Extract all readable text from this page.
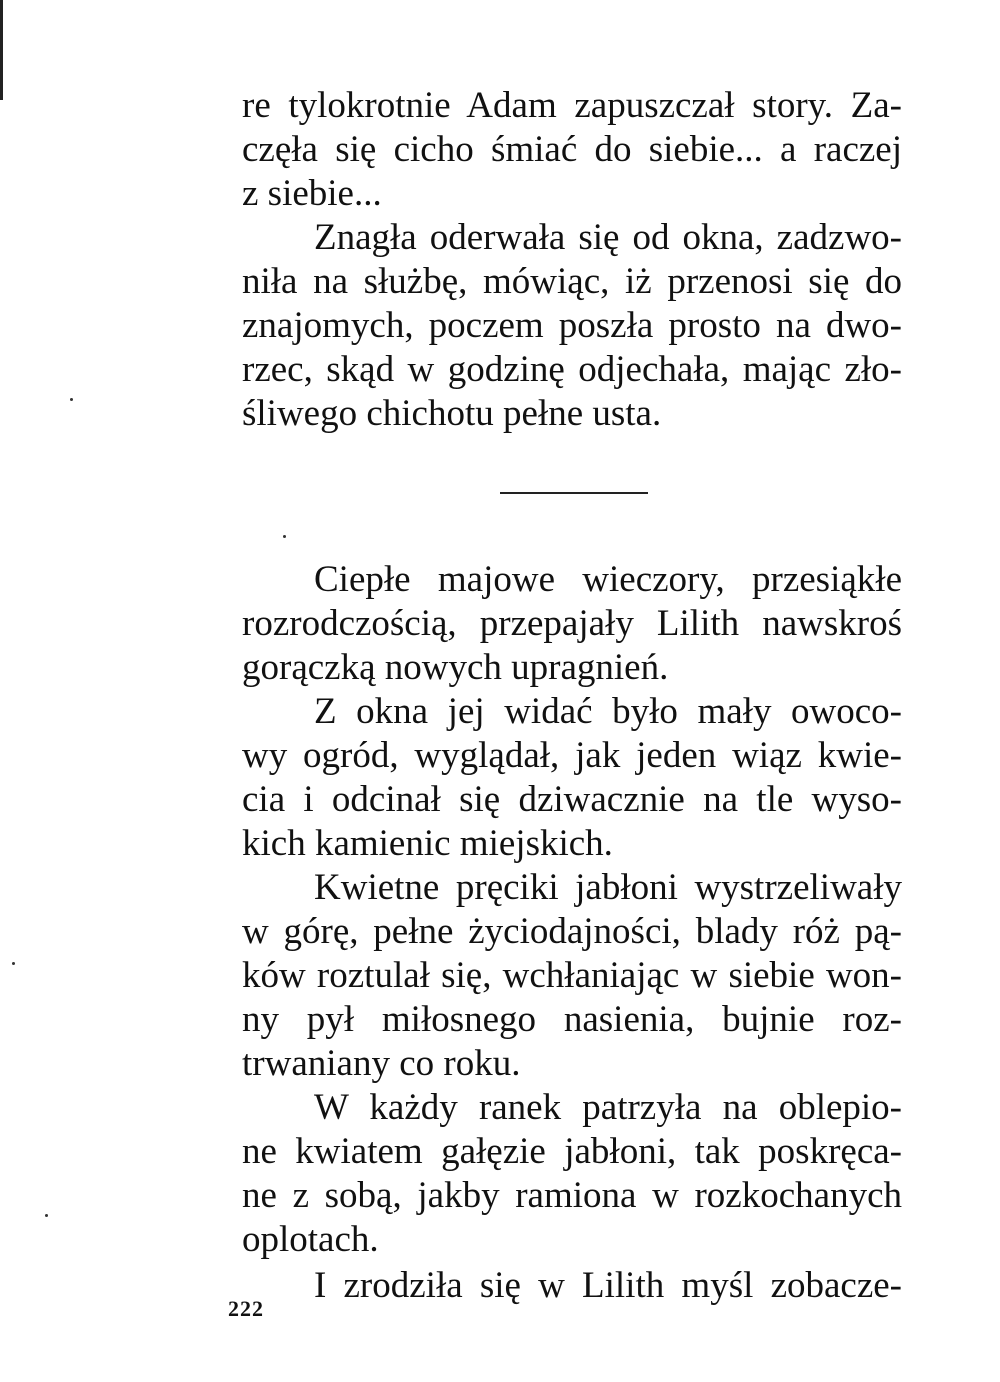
re tylokrotnie Adam zapuszczał story. Za‑
częła się cicho śmiać do siebie... a raczej
z siebie...
Znagła oderwała się od okna, zadzwo‑
niła na służbę, mówiąc, iż przenosi się do
znajomych, poczem poszła prosto na dwo‑
rzec, skąd w godzinę odjechała, mając zło‑
śliwego chichotu pełne usta.
Ciepłe majowe wieczory, przesiąkłe
rozrodczością, przepajały Lilith nawskroś
gorączką nowych upragnień.
Z okna jej widać było mały owoco‑
wy ogród, wyglądał, jak jeden wiąz kwie‑
cia i odcinał się dziwacznie na tle wyso‑
kich kamienic miejskich.
Kwietne pręciki jabłoni wystrzeliwały
w górę, pełne życiodajności, blady róż pą‑
ków roztulał się, wchłaniając w siebie won‑
ny pył miłosnego nasienia, bujnie roz‑
trwaniany co roku.
W każdy ranek patrzyła na oblepio‑
ne kwiatem gałęzie jabłoni, tak poskręca‑
ne z sobą, jakby ramiona w rozkochanych
oplotach.
I zrodziła się w Lilith myśl zobacze‑
222
